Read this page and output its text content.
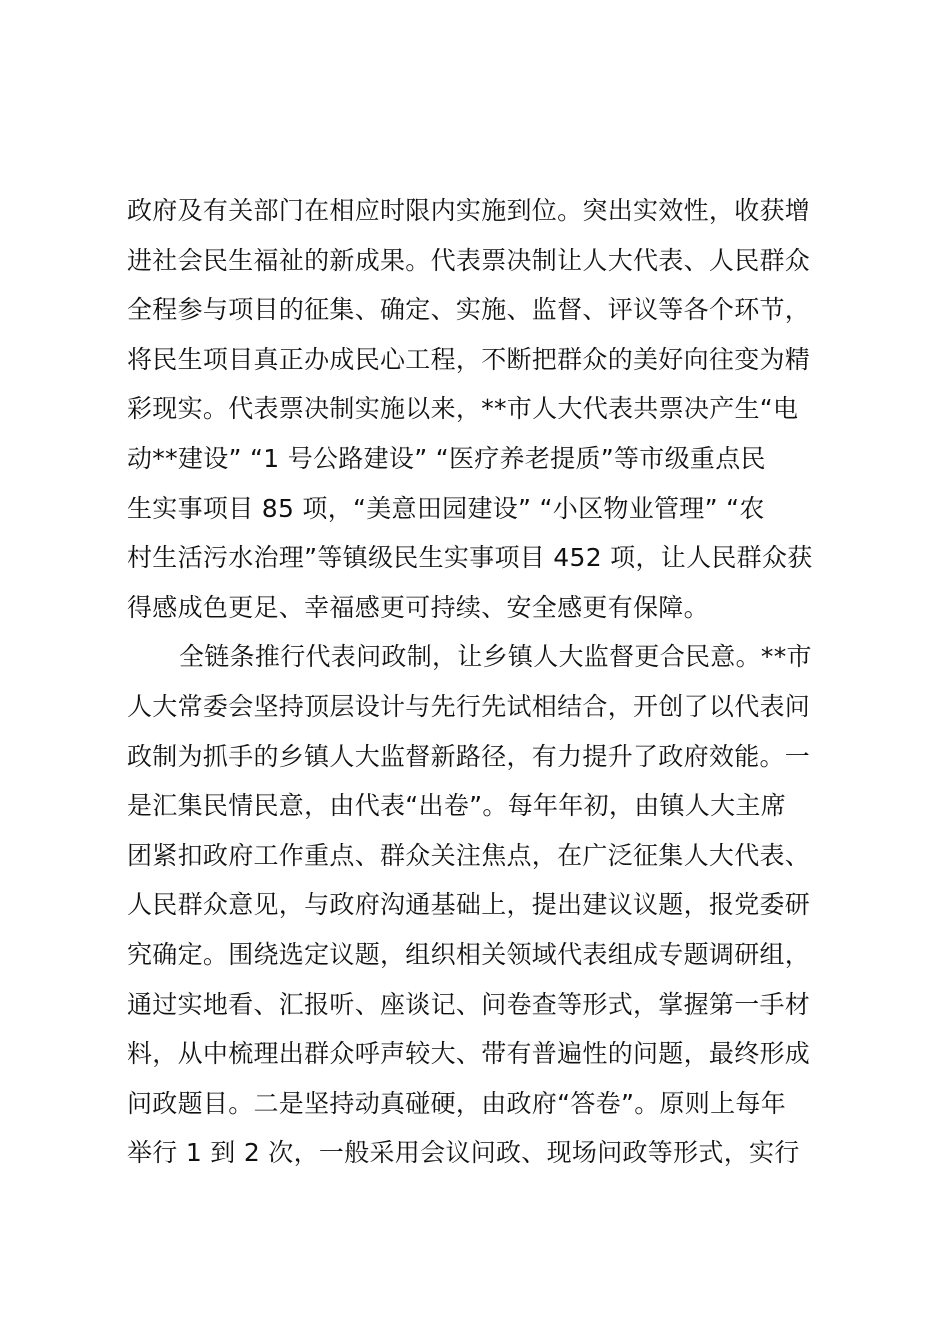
政府及有关部门在相应时限内实施到位。突出实效性，收获增
进社会民生福祉的新成果。代表票决制让人大代表、人民群众
全程参与项目的征集、确定、实施、监督、评议等各个环节，
将民生项目真正办成民心工程，不断把群众的美好向往变为精
彩现实。代表票决制实施以来，**市人大代表共票决产生“电
动**建设” “1 号公路建设” “医疗养老提质”等市级重点民
生实事项目 85 项，“美意田园建设” “小区物业管理” “农
村生活污水治理”等镇级民生实事项目 452 项，让人民群众获
得感成色更足、幸福感更可持续、安全感更有保障。
全链条推行代表问政制，让乡镇人大监督更合民意。**市
人大常委会坚持顶层设计与先行先试相结合，开创了以代表问
政制为抓手的乡镇人大监督新路径，有力提升了政府效能。一
是汇集民情民意，由代表“出卷”。每年年初，由镇人大主席
团紧扣政府工作重点、群众关注焦点，在广泛征集人大代表、
人民群众意见，与政府沟通基础上，提出建议议题，报党委研
究确定。围绕选定议题，组织相关领域代表组成专题调研组，
通过实地看、汇报听、座谈记、问卷查等形式，掌握第一手材
料，从中梳理出群众呼声较大、带有普遍性的问题，最终形成
问政题目。二是坚持动真碰硬，由政府“答卷”。原则上每年
举行 1 到 2 次，一般采用会议问政、现场问政等形式，实行
